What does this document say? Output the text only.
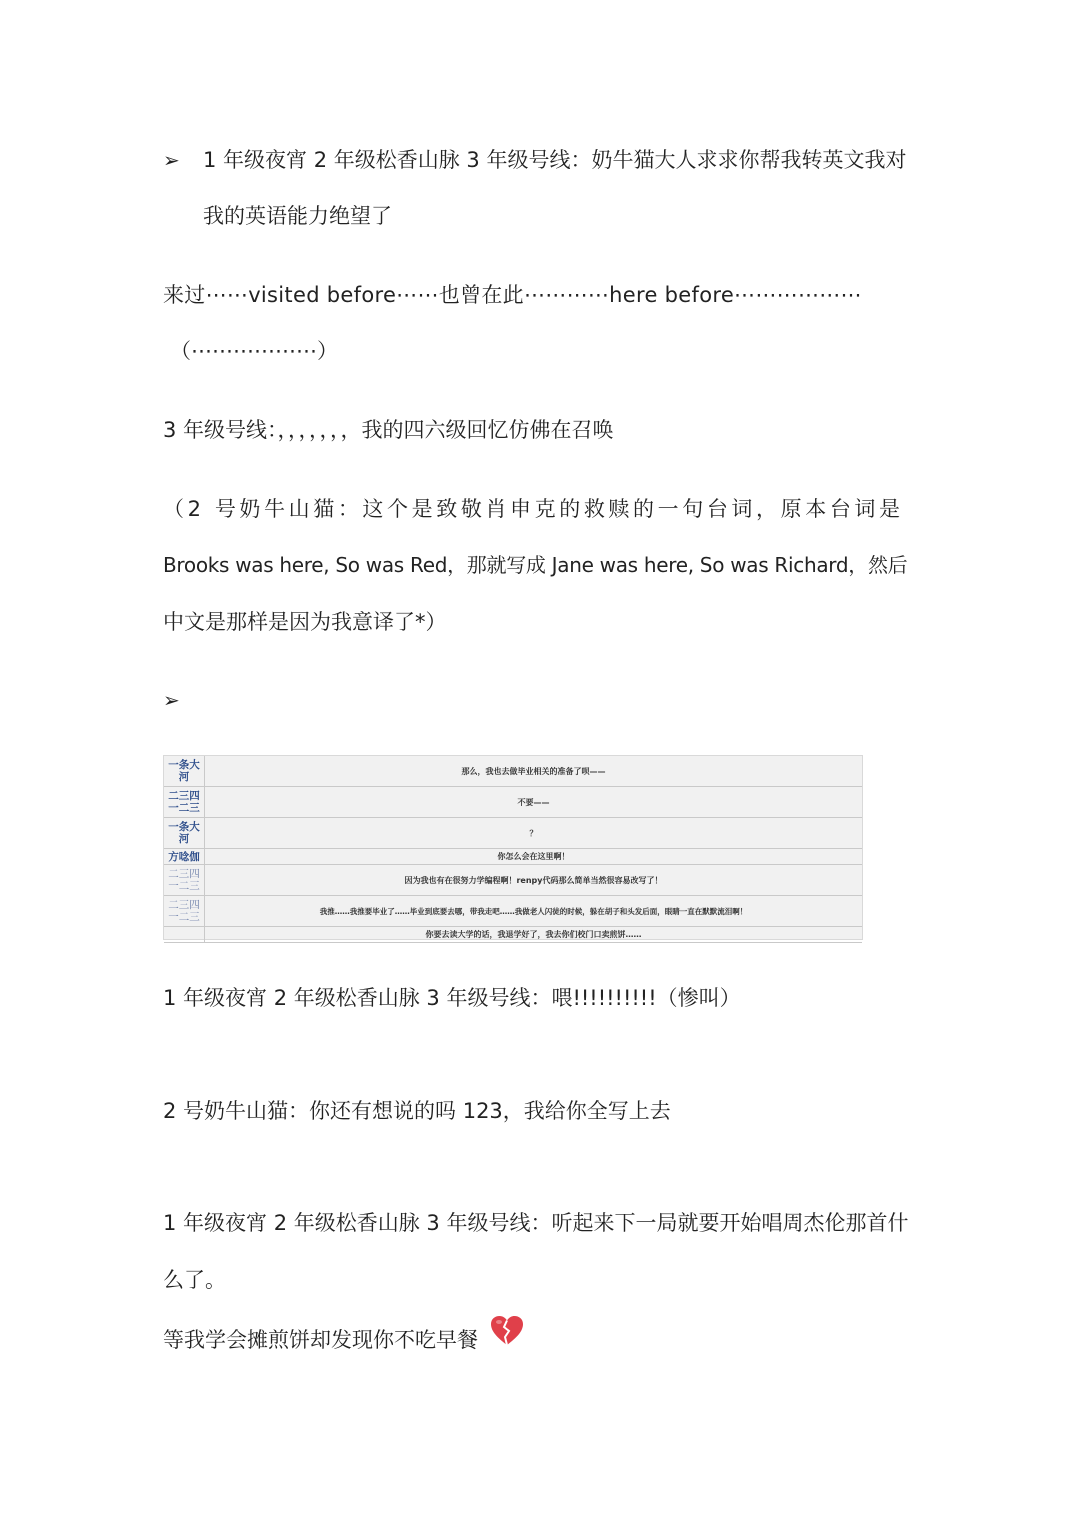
➢ 1 年级夜宵 2 年级松香山脉 3 年级号线：奶牛猫大人求求你帮我转英文我对
我的英语能力绝望了
来过⋯⋯visited before⋯⋯也曾在此⋯⋯⋯⋯here before⋯⋯⋯⋯⋯⋯
（⋯⋯⋯⋯⋯⋯）
3 年级号线：，，，，，，，我的四六级回忆仿佛在召唤
（2 号奶牛山猫：这个是致敬肖申克的救赎的一句台词，原本台词是
Brooks was here, So was Red，那就写成 Jane was here, So was Richard，然后
中文是那样是因为我意译了*）
➢
一条大河	那么，我也去做毕业相关的准备了呗——
二三四一二三	不要——
一条大河	？
方唸伽	你怎么会在这里啊！
二三四一二三	因为我也有在很努力学编程啊！renpy代码那么简单当然很容易改写了！
二三四一二三	我推……我推要毕业了……毕业到底要去哪，带我走吧……我做老人闪徒的时候，躲在胡子和头发后面，眼睛一直在默默流泪啊！
	你要去读大学的话，我退学好了，我去你们校门口卖煎饼……
1 年级夜宵 2 年级松香山脉 3 年级号线：喂!!!!!!!!!!（惨叫）
2 号奶牛山猫：你还有想说的吗 123，我给你全写上去
1 年级夜宵 2 年级松香山脉 3 年级号线：听起来下一局就要开始唱周杰伦那首什
么了。
等我学会摊煎饼却发现你不吃早餐
